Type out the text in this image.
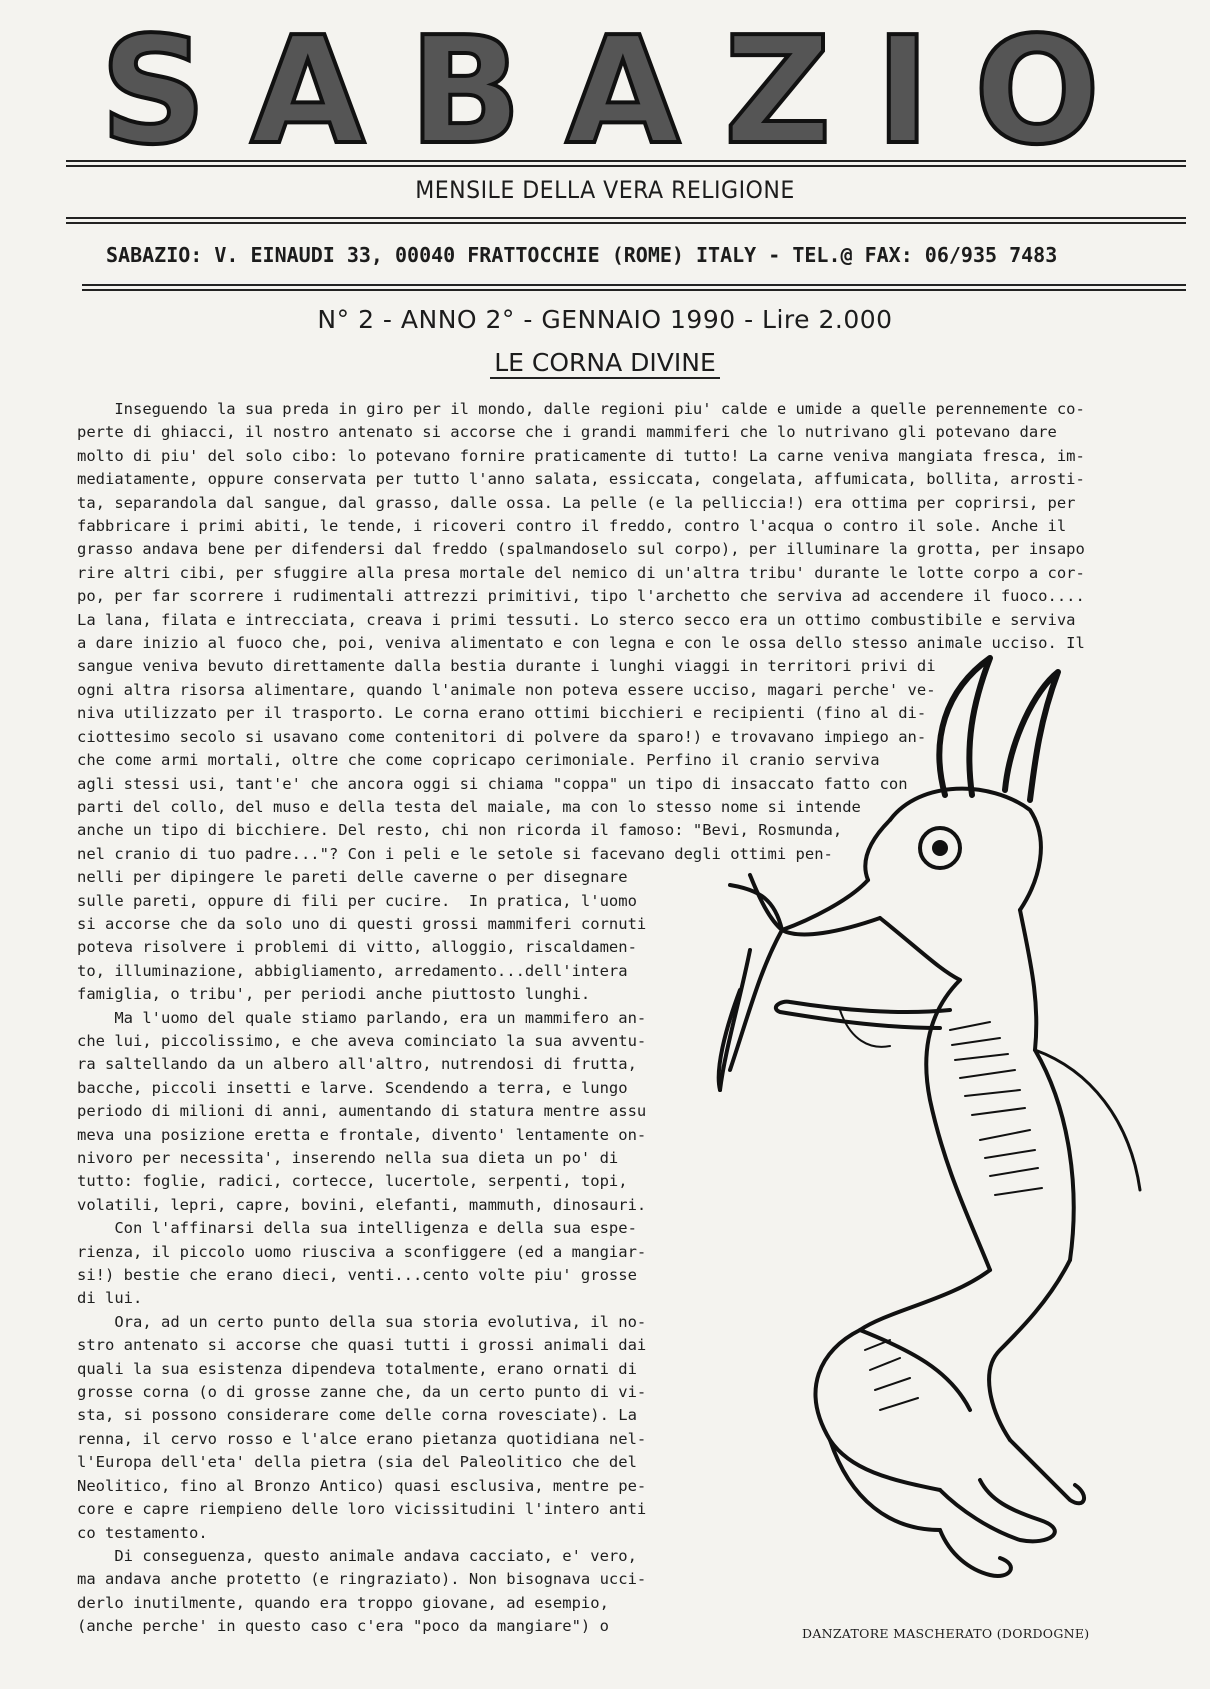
S A B A Z I O
MENSILE DELLA VERA RELIGIONE
SABAZIO: V. EINAUDI 33, 00040 FRATTOCCHIE (ROME) ITALY - TEL.@ FAX: 06/935 7483
N° 2 - ANNO 2° - GENNAIO 1990 - Lire 2.000
LE CORNA DIVINE
Inseguendo la sua preda in giro per il mondo, dalle regioni piu' calde e umide a quelle perennemente co-
perte di ghiacci, il nostro antenato si accorse che i grandi mammiferi che lo nutrivano gli potevano dare
molto di piu' del solo cibo: lo potevano fornire praticamente di tutto! La carne veniva mangiata fresca, im-
mediatamente, oppure conservata per tutto l'anno salata, essiccata, congelata, affumicata, bollita, arrosti-
ta, separandola dal sangue, dal grasso, dalle ossa. La pelle (e la pelliccia!) era ottima per coprirsi, per
fabbricare i primi abiti, le tende, i ricoveri contro il freddo, contro l'acqua o contro il sole. Anche il
grasso andava bene per difendersi dal freddo (spalmandoselo sul corpo), per illuminare la grotta, per insapo
rire altri cibi, per sfuggire alla presa mortale del nemico di un'altra tribu' durante le lotte corpo a cor-
po, per far scorrere i rudimentali attrezzi primitivi, tipo l'archetto che serviva ad accendere il fuoco....
La lana, filata e intrecciata, creava i primi tessuti. Lo sterco secco era un ottimo combustibile e serviva
a dare inizio al fuoco che, poi, veniva alimentato e con legna e con le ossa dello stesso animale ucciso. Il
sangue veniva bevuto direttamente dalla bestia durante i lunghi viaggi in territori privi di
ogni altra risorsa alimentare, quando l'animale non poteva essere ucciso, magari perche' ve-
niva utilizzato per il trasporto. Le corna erano ottimi bicchieri e recipienti (fino al di-
ciottesimo secolo si usavano come contenitori di polvere da sparo!) e trovavano impiego an-
che come armi mortali, oltre che come copricapo cerimoniale. Perfino il cranio serviva
agli stessi usi, tant'e' che ancora oggi si chiama "coppa" un tipo di insaccato fatto con
parti del collo, del muso e della testa del maiale, ma con lo stesso nome si intende
anche un tipo di bicchiere. Del resto, chi non ricorda il famoso: "Bevi, Rosmunda,
nel cranio di tuo padre..."? Con i peli e le setole si facevano degli ottimi pen-
nelli per dipingere le pareti delle caverne o per disegnare
sulle pareti, oppure di fili per cucire.  In pratica, l'uomo
si accorse che da solo uno di questi grossi mammiferi cornuti
poteva risolvere i problemi di vitto, alloggio, riscaldamen-
to, illuminazione, abbigliamento, arredamento...dell'intera
famiglia, o tribu', per periodi anche piuttosto lunghi.
Ma l'uomo del quale stiamo parlando, era un mammifero an-
che lui, piccolissimo, e che aveva cominciato la sua avventu-
ra saltellando da un albero all'altro, nutrendosi di frutta,
bacche, piccoli insetti e larve. Scendendo a terra, e lungo
periodo di milioni di anni, aumentando di statura mentre assu
meva una posizione eretta e frontale, divento' lentamente on-
nivoro per necessita', inserendo nella sua dieta un po' di
tutto: foglie, radici, cortecce, lucertole, serpenti, topi,
volatili, lepri, capre, bovini, elefanti, mammuth, dinosauri.
Con l'affinarsi della sua intelligenza e della sua espe-
rienza, il piccolo uomo riusciva a sconfiggere (ed a mangiar-
si!) bestie che erano dieci, venti...cento volte piu' grosse
di lui.
Ora, ad un certo punto della sua storia evolutiva, il no-
stro antenato si accorse che quasi tutti i grossi animali dai
quali la sua esistenza dipendeva totalmente, erano ornati di
grosse corna (o di grosse zanne che, da un certo punto di vi-
sta, si possono considerare come delle corna rovesciate). La
renna, il cervo rosso e l'alce erano pietanza quotidiana nel-
l'Europa dell'eta' della pietra (sia del Paleolitico che del
Neolitico, fino al Bronzo Antico) quasi esclusiva, mentre pe-
core e capre riempieno delle loro vicissitudini l'intero anti
co testamento.
Di conseguenza, questo animale andava cacciato, e' vero,
ma andava anche protetto (e ringraziato). Non bisognava ucci-
derlo inutilmente, quando era troppo giovane, ad esempio,
(anche perche' in questo caso c'era "poco da mangiare") o	DANZATORE MASCHERATO (DORDOGNE)
